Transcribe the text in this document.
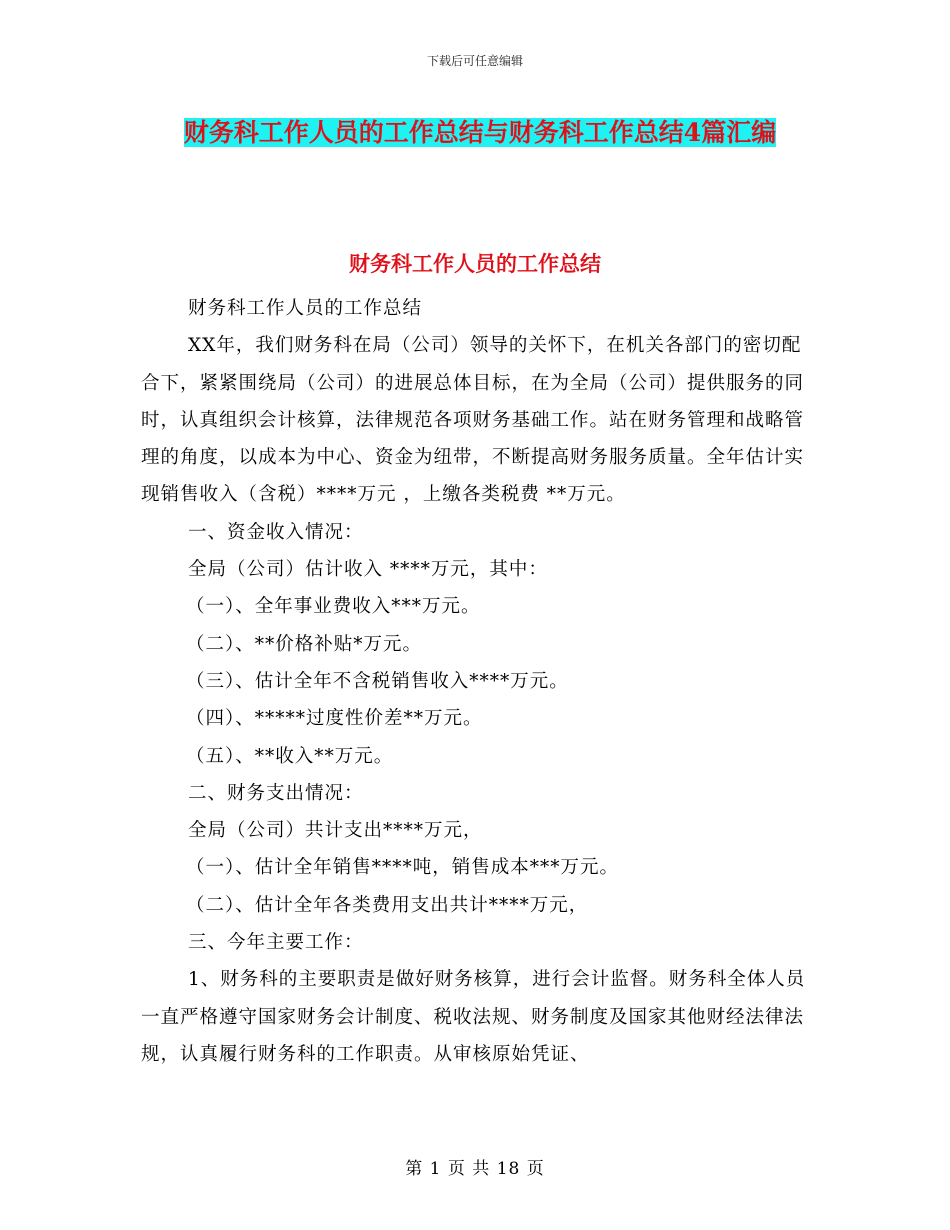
下载后可任意编辑
财务科工作人员的工作总结与财务科工作总结4篇汇编
财务科工作人员的工作总结

财务科工作人员的工作总结

XX年，我们财务科在局（公司）领导的关怀下，在机关各部门的密切配合下，紧紧围绕局（公司）的进展总体目标，在为全局（公司）提供服务的同时，认真组织会计核算，法律规范各项财务基础工作。站在财务管理和战略管理的角度，以成本为中心、资金为纽带，不断提高财务服务质量。全年估计实现销售收入（含税）****万元 ，上缴各类税费 **万元。

一、资金收入情况：

全局（公司）估计收入 ****万元，其中：

（一）、全年事业费收入***万元。

（二）、**价格补贴*万元。

（三）、估计全年不含税销售收入****万元。

（四）、*****过度性价差**万元。

（五）、**收入**万元。

二、财务支出情况：

全局（公司）共计支出****万元，

（一）、估计全年销售****吨，销售成本***万元。

（二）、估计全年各类费用支出共计****万元，

三、今年主要工作：

1、财务科的主要职责是做好财务核算，进行会计监督。财务科全体人员一直严格遵守国家财务会计制度、税收法规、财务制度及国家其他财经法律法规，认真履行财务科的工作职责。从审核原始凭证、

第 1 页 共 18 页
